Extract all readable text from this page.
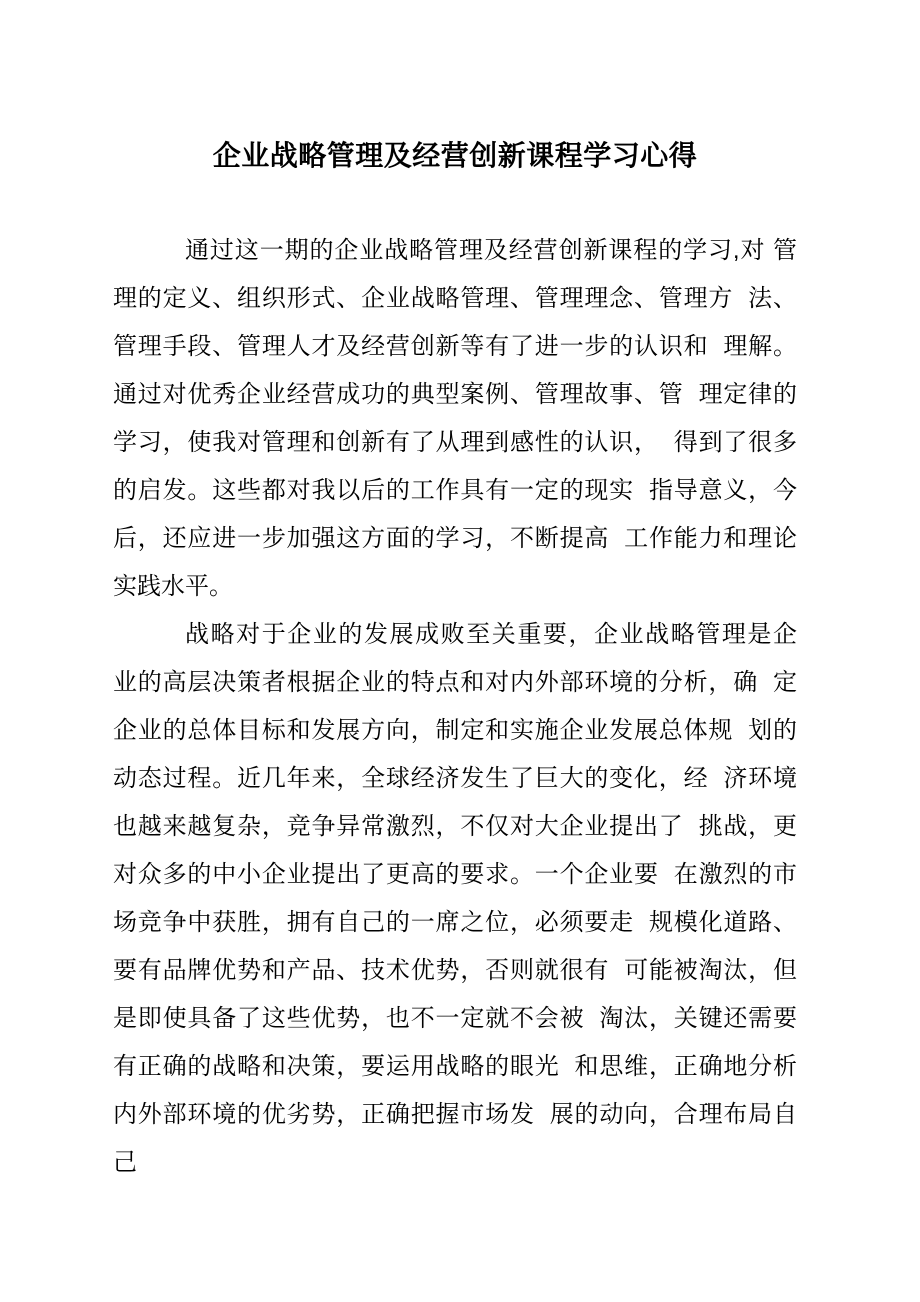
企业战略管理及经营创新课程学习心得

通过这一期的企业战略管理及经营创新课程的学习,对 管理的定义、组织形式、企业战略管理、管理理念、管理方  法、管理手段、管理人才及经营创新等有了进一步的认识和  理解。通过对优秀企业经营成功的典型案例、管理故事、管  理定律的学习，使我对管理和创新有了从理到感性的认识，  得到了很多的启发。这些都对我以后的工作具有一定的现实  指导意义，今后，还应进一步加强这方面的学习，不断提高  工作能力和理论实践水平。

战略对于企业的发展成败至关重要，企业战略管理是企  业的高层决策者根据企业的特点和对内外部环境的分析，确  定企业的总体目标和发展方向，制定和实施企业发展总体规  划的动态过程。近几年来，全球经济发生了巨大的变化，经  济环境也越来越复杂，竞争异常激烈，不仅对大企业提出了  挑战，更对众多的中小企业提出了更高的要求。一个企业要  在激烈的市场竞争中获胜，拥有自己的一席之位，必须要走  规模化道路、要有品牌优势和产品、技术优势，否则就很有  可能被淘汰，但是即使具备了这些优势，也不一定就不会被  淘汰，关键还需要有正确的战略和决策，要运用战略的眼光  和思维，正确地分析内外部环境的优劣势，正确把握市场发  展的动向，合理布局自己
